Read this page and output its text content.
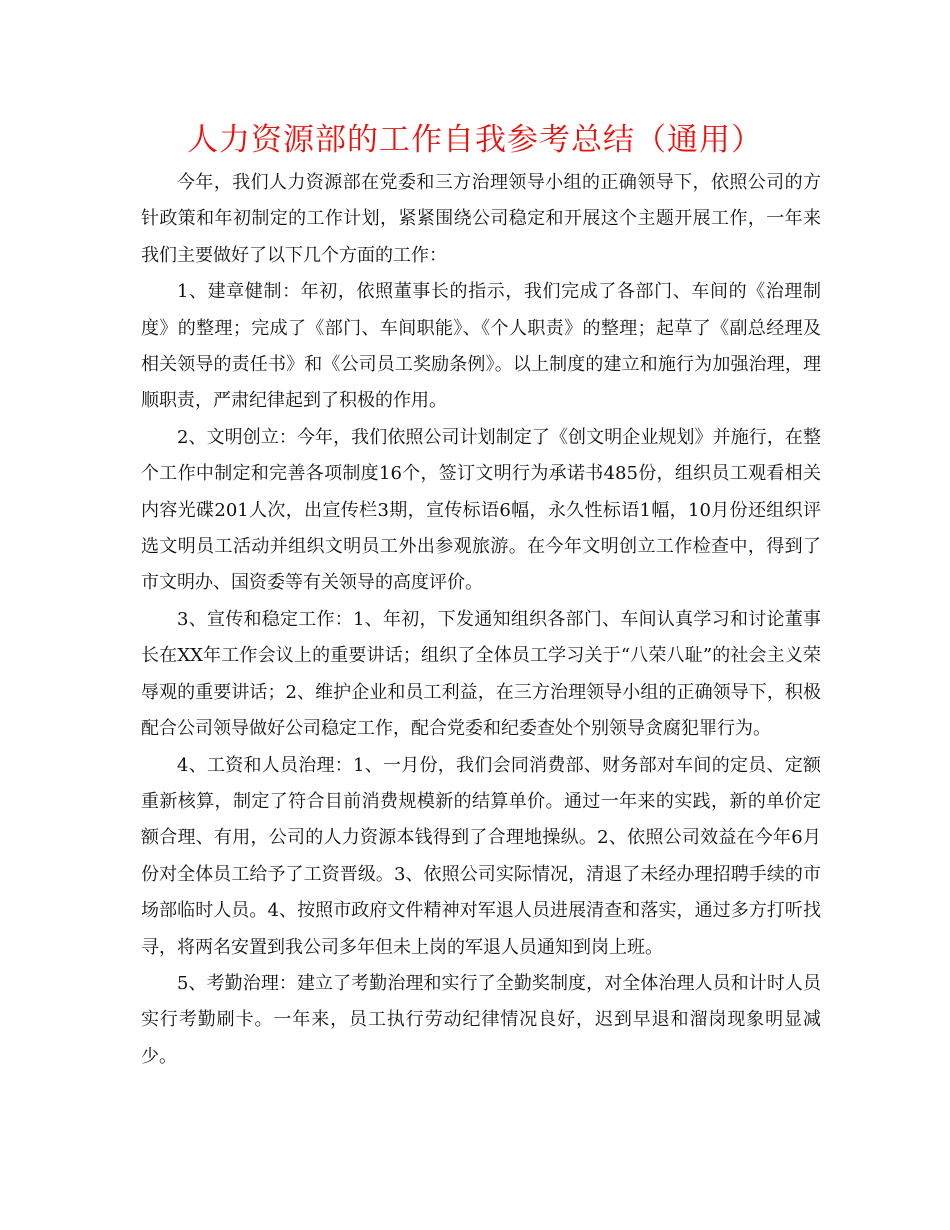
人力资源部的工作自我参考总结（通用）

今年，我们人力资源部在党委和三方治理领导小组的正确领导下，依照公司的方针政策和年初制定的工作计划，紧紧围绕公司稳定和开展这个主题开展工作，一年来我们主要做好了以下几个方面的工作：

1、建章健制：年初，依照董事长的指示，我们完成了各部门、车间的《治理制度》的整理；完成了《部门、车间职能》、《个人职责》的整理；起草了《副总经理及相关领导的责任书》和《公司员工奖励条例》。以上制度的建立和施行为加强治理，理顺职责，严肃纪律起到了积极的作用。

2、文明创立：今年，我们依照公司计划制定了《创文明企业规划》并施行，在整个工作中制定和完善各项制度16个，签订文明行为承诺书485份，组织员工观看相关内容光碟201人次，出宣传栏3期，宣传标语6幅，永久性标语1幅，10月份还组织评选文明员工活动并组织文明员工外出参观旅游。在今年文明创立工作检查中，得到了市文明办、国资委等有关领导的高度评价。

3、宣传和稳定工作：1、年初，下发通知组织各部门、车间认真学习和讨论董事长在XX年工作会议上的重要讲话；组织了全体员工学习关于“八荣八耻”的社会主义荣辱观的重要讲话；2、维护企业和员工利益，在三方治理领导小组的正确领导下，积极配合公司领导做好公司稳定工作，配合党委和纪委查处个别领导贪腐犯罪行为。

4、工资和人员治理：1、一月份，我们会同消费部、财务部对车间的定员、定额重新核算，制定了符合目前消费规模新的结算单价。通过一年来的实践，新的单价定额合理、有用，公司的人力资源本钱得到了合理地操纵。2、依照公司效益在今年6月份对全体员工给予了工资晋级。3、依照公司实际情况，清退了未经办理招聘手续的市场部临时人员。4、按照市政府文件精神对军退人员进展清查和落实，通过多方打听找寻，将两名安置到我公司多年但未上岗的军退人员通知到岗上班。

5、考勤治理：建立了考勤治理和实行了全勤奖制度，对全体治理人员和计时人员实行考勤刷卡。一年来，员工执行劳动纪律情况良好，迟到早退和溜岗现象明显减少。
